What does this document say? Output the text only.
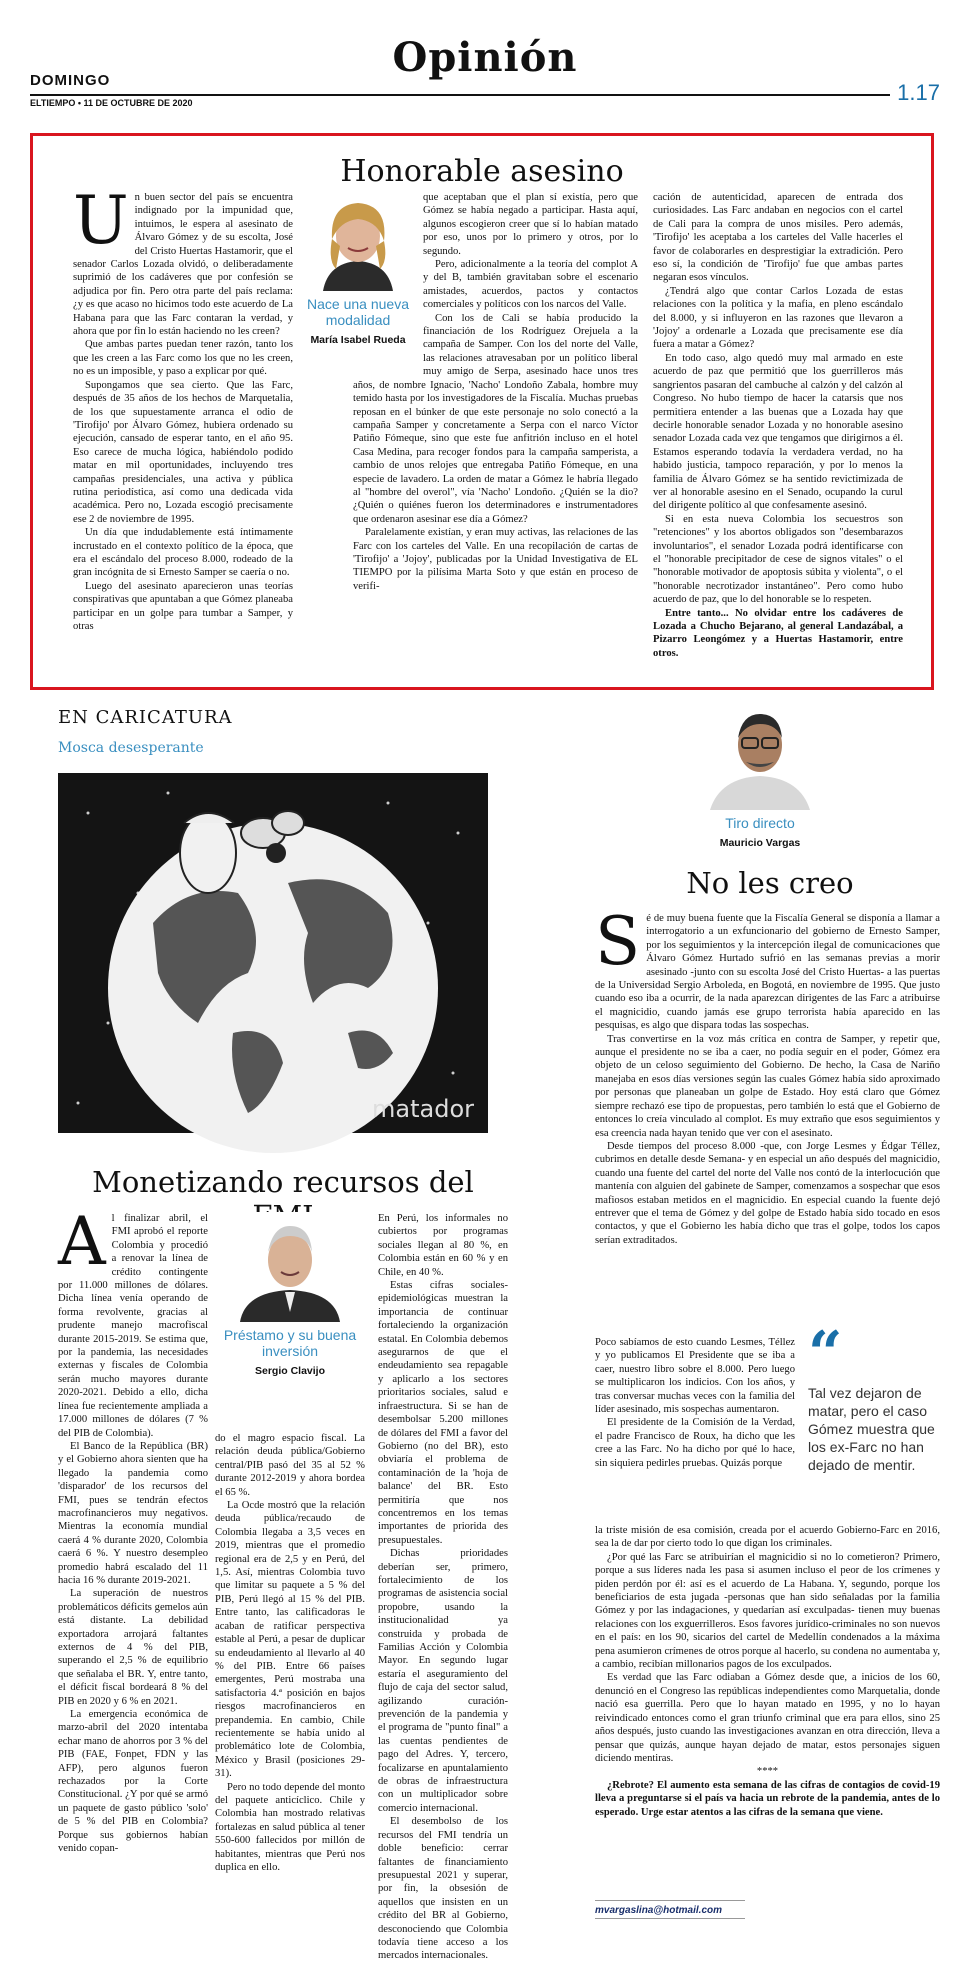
Opinión
DOMINGO
ELTIEMPO • 11 DE OCTUBRE DE 2020	1.17
Honorable asesino
U n buen sector del país se encuentra indignado por la impunidad que, intuimos, le espera al asesinato de Álvaro Gómez y de su escolta, José del Cristo Huertas Hastamorir, que el senador Carlos Lozada olvidó, o deliberadamente suprimió de los cadáveres que por confesión se adjudica por fin. Pero otra parte del país reclama: ¿y es que acaso no hicimos todo este acuerdo de La Habana para que las Farc contaran la verdad, y ahora que por fin lo están haciendo no les creen?

Que ambas partes puedan tener razón, tanto los que les creen a las Farc como los que no les creen, no es un imposible, y paso a explicar por qué.

Supongamos que sea cierto. Que las Farc, después de 35 años de los hechos de Marquetalia, de los que supuestamente arranca el odio de 'Tirofijo' por Álvaro Gómez, hubiera ordenado su ejecución, cansado de esperar tanto, en el año 95. Eso carece de mucha lógica, habiéndolo podido matar en mil oportunidades, incluyendo tres campañas presidenciales, una activa y pública rutina periodística, así como una dedicada vida académica. Pero no, Lozada escogió precisamente ese 2 de noviembre de 1995.

Un día que indudablemente está íntimamente incrustado en el contexto político de la época, que era el escándalo del proceso 8.000, rodeado de la gran incógnita de si Ernesto Samper se caería o no.

Luego del asesinato aparecieron unas teorías conspirativas que apuntaban a que Gómez planeaba participar en un golpe para tumbar a Samper, y otras

Nace una nueva modalidad
María Isabel Rueda

que aceptaban que el plan sí existía, pero que Gómez se había negado a participar. Hasta aquí, algunos escogieron creer que sí lo habían matado por eso, unos por lo primero y otros, por lo segundo.

Pero, adicionalmente a la teoría del complot A y del B, también gravitaban sobre el escenario amistades, acuerdos, pactos y contactos comerciales y políticos con los narcos del Valle.

Con los de Cali se había producido la financiación de los Rodríguez Orejuela a la campaña de Samper. Con los del norte del Valle, las relaciones atravesaban por un político liberal muy amigo de Serpa, asesinado hace unos tres años, de nombre Ignacio, 'Nacho' Londoño Zabala, hombre muy temido hasta por los investigadores de la Fiscalía. Muchas pruebas reposan en el búnker de que este personaje no solo conectó a la campaña Samper y concretamente a Serpa con el narco Víctor Patiño Fómeque, sino que este fue anfitrión incluso en el hotel Casa Medina, para recoger fondos para la campaña samperista, a cambio de unos relojes que entregaba Patiño Fómeque, en una especie de lavadero. La orden de matar a Gómez le habría llegado al "hombre del overol", vía 'Nacho' Londoño. ¿Quién se la dio? ¿Quién o quiénes fueron los determinadores e instrumentadores que ordenaron asesinar ese día a Gómez?

Paralelamente existían, y eran muy activas, las relaciones de las Farc con los carteles del Valle. En una recopilación de cartas de 'Tirofijo' a 'Jojoy', publicadas por la Unidad Investigativa de EL TIEMPO por la pilísima Marta Soto y que están en proceso de verifi-

cación de autenticidad, aparecen de entrada dos curiosidades. Las Farc andaban en negocios con el cartel de Cali para la compra de unos misiles. Pero además, 'Tirofijo' les aceptaba a los carteles del Valle hacerles el favor de colaborarles en desprestigiar la extradición. Pero eso sí, la condición de 'Tirofijo' fue que ambas partes negaran esos vínculos.

¿Tendrá algo que contar Carlos Lozada de estas relaciones con la política y la mafia, en pleno escándalo del 8.000, y si influyeron en las razones que llevaron a 'Jojoy' a ordenarle a Lozada que precisamente ese día fuera a matar a Gómez?

En todo caso, algo quedó muy mal armado en este acuerdo de paz que permitió que los guerrilleros más sangrientos pasaran del cambuche al calzón y del calzón al Congreso. No hubo tiempo de hacer la catarsis que nos permitiera entender a las buenas que a Lozada hay que decirle honorable senador Lozada y no honorable asesino senador Lozada cada vez que tengamos que dirigirnos a él. Estamos esperando todavía la verdadera verdad, no ha habido justicia, tampoco reparación, y por lo menos la familia de Álvaro Gómez se ha sentido revictimizada de ver al honorable asesino en el Senado, ocupando la curul del dirigente político al que confesamente asesinó.

Si en esta nueva Colombia los secuestros son "retenciones" y los abortos obligados son "desembarazos involuntarios", el senador Lozada podrá identificarse con el "honorable precipitador de cese de signos vitales" o el "honorable motivador de apoptosis súbita y violenta", o el "honorable necrotizador instantáneo". Pero como hubo acuerdo de paz, que lo del honorable se lo respeten.

Entre tanto... No olvidar entre los cadáveres de Lozada a Chucho Bejarano, al general Landazábal, a Pizarro Leongómez y a Huertas Hastamorir, entre otros.

EN CARICATURA
Mosca desesperante
matador
Monetizando recursos del
A l finalizar abril, el FMI aprobó el reporte Colombia y procedió a renovar la línea de crédito contingente por 11.000 millones de dólares. Dicha línea venía operando de forma revolvente, gracias al prudente manejo macrofiscal durante 2015-2019. Se estima que, por la pandemia, las necesidades externas y fiscales de Colombia serán mucho mayores durante 2020-2021. Debido a ello, dicha línea fue recientemente ampliada a 17.000 millones de dólares (7 % del PIB de Colombia).

El Banco de la República (BR) y el Gobierno ahora sienten que ha llegado la pandemia como 'disparador' de los recursos del FMI, pues se tendrán efectos macrofinancieros muy negativos. Mientras la economía mundial caerá 4 % durante 2020, Colombia caerá 6 %. Y nuestro desempleo promedio habrá escalado del 11 hacia 16 % durante 2019-2021.

La superación de nuestros problemáticos déficits gemelos aún está distante. La debilidad exportadora arrojará faltantes externos de 4 % del PIB, superando el 2,5 % de equilibrio que señalaba el BR. Y, entre tanto, el déficit fiscal bordeará 8 % del PIB en 2020 y 6 % en 2021.

La emergencia económica de marzo-abril del 2020 intentaba echar mano de ahorros por 3 % del PIB (FAE, Fonpet, FDN y las AFP), pero algunos fueron rechazados por la Corte Constitucional. ¿Y por qué se armó un paquete de gasto público 'solo' de 5 % del PIB en Colombia? Porque sus gobiernos habían venido copan-

Préstamo y su buena inversión
Sergio Clavijo

do el magro espacio fiscal. La relación deuda pública/Gobierno central/PIB pasó del 35 al 52 % durante 2012-2019 y ahora bordea el 65 %.

La Ocde mostró que la relación deuda pública/recaudo de Colombia llegaba a 3,5 veces en 2019, mientras que el promedio regional era de 2,5 y en Perú, del 1,5. Así, mientras Colombia tuvo que limitar su paquete a 5 % del PIB, Perú llegó al 15 % del PIB. Entre tanto, las calificadoras le acaban de ratificar perspectiva estable al Perú, a pesar de duplicar su endeudamiento al llevarlo al 40 % del PIB. Entre 66 países emergentes, Perú mostraba una satisfactoria 4.ª posición en bajos riesgos macrofinancieros en prepandemia. En cambio, Chile recientemente se había unido al problemático lote de Colombia, México y Brasil (posiciones 29-31).

Pero no todo depende del monto del paquete anticíclico. Chile y Colombia han mostrado relativas fortalezas en salud pública al tener 550-600 fallecidos por millón de habitantes, mientras que Perú nos duplica en ello.

En Perú, los informales no cubiertos por programas sociales llegan al 80 %, en Colombia están en 60 % y en Chile, en 40 %.

Estas cifras sociales-epidemiológicas muestran la importancia de continuar fortaleciendo la organización estatal. En Colombia debemos asegurarnos de que el endeudamiento sea repagable y aplicarlo a los sectores prioritarios sociales, salud e infraestructura. Si se han de desembolsar 5.200 millones de dólares del FMI a favor del Gobierno (no del BR), esto obviaría el problema de contaminación de la 'hoja de balance' del BR. Esto permitiría que nos concentremos en los temas importantes de priorida des presupuestales.

Dichas prioridades deberían ser, primero, fortalecimiento de los programas de asistencia social propobre, usando la institucionalidad ya construida y probada de Familias Acción y Colombia Mayor. En segundo lugar estaría el aseguramiento del flujo de caja del sector salud, agilizando curación-prevención de la pandemia y el programa de "punto final" a las cuentas pendientes de pago del Adres. Y, tercero, focalizarse en apuntalamiento de obras de infraestructura con un multiplicador sobre comercio internacional.

El desembolso de los recursos del FMI tendría un doble beneficio: cerrar faltantes de financiamiento presupuestal 2021 y superar, por fin, la obsesión de aquellos que insisten en un crédito del BR al Gobierno, desconociendo que Colombia todavía tiene acceso a los mercados internacionales.

Tiro directo
Mauricio Vargas
No les creo
S é de muy buena fuente que la Fiscalía General se disponía a llamar a interrogatorio a un exfuncionario del gobierno de Ernesto Samper, por los seguimientos y la intercepción ilegal de comunicaciones que Álvaro Gómez Hurtado sufrió en las semanas previas a morir asesinado -junto con su escolta José del Cristo Huertas- a las puertas de la Universidad Sergio Arboleda, en Bogotá, en noviembre de 1995. Que justo cuando eso iba a ocurrir, de la nada aparezcan dirigentes de las Farc a atribuirse el magnicidio, cuando jamás ese grupo terrorista había aparecido en las pesquisas, es algo que dispara todas las sospechas.

Tras convertirse en la voz más crítica en contra de Samper, y repetir que, aunque el presidente no se iba a caer, no podía seguir en el poder, Gómez era objeto de un celoso seguimiento del Gobierno. De hecho, la Casa de Nariño manejaba en esos días versiones según las cuales Gómez había sido aproximado por personas que planeaban un golpe de Estado. Hoy está claro que Gómez siempre rechazó ese tipo de propuestas, pero también lo está que el Gobierno de entonces lo creía vinculado al complot. Es muy extraño que esos seguimientos y esa creencia nada hayan tenido que ver con el asesinato.

Desde tiempos del proceso 8.000 -que, con Jorge Lesmes y Édgar Téllez, cubrimos en detalle desde Semana- y en especial un año después del magnicidio, cuando una fuente del cartel del norte del Valle nos contó de la interlocución que mantenía con alguien del gabinete de Samper, comenzamos a sospechar que esos mafiosos estaban metidos en el magnicidio. En especial cuando la fuente dejó entrever que el tema de Gómez y del golpe de Estado había sido tocado en esos contactos, y que el Gobierno les había dicho que tras el golpe, todos los capos serían extraditados.

Poco sabíamos de esto cuando Lesmes, Téllez y yo publicamos El Presidente que se iba a caer, nuestro libro sobre el 8.000. Pero luego se multiplicaron los indicios. Con los años, y tras conversar muchas veces con la familia del líder asesinado, mis sospechas aumentaron.

El presidente de la Comisión de la Verdad, el padre Francisco de Roux, ha dicho que les cree a las Farc. No ha dicho por qué lo hace, sin siquiera pedirles pruebas. Quizás porque

“
Tal vez dejaron de matar, pero el caso Gómez muestra que los ex-Farc no han dejado de mentir.

la triste misión de esa comisión, creada por el acuerdo Gobierno-Farc en 2016, sea la de dar por cierto todo lo que digan los criminales.

¿Por qué las Farc se atribuirían el magnicidio si no lo cometieron? Primero, porque a sus líderes nada les pasa si asumen incluso el peor de los crímenes y piden perdón por él: así es el acuerdo de La Habana. Y, segundo, porque los beneficiarios de esta jugada -personas que han sido señaladas por la familia Gómez y por las indagaciones, y quedarían así exculpadas- tienen muy buenas relaciones con los exguerrilleros. Esos favores jurídico-criminales no son nuevos en el país: en los 90, sicarios del cartel de Medellín condenados a la máxima pena asumieron crímenes de otros porque al hacerlo, su condena no aumentaba y, a cambio, recibían millonarios pagos de los exculpados.

Es verdad que las Farc odiaban a Gómez desde que, a inicios de los 60, denunció en el Congreso las repúblicas independientes como Marquetalia, donde nació esa guerrilla. Pero que lo hayan matado en 1995, y no lo hayan reivindicado entonces como el gran triunfo criminal que era para ellos, sino 25 años después, justo cuando las investigaciones avanzan en otra dirección, lleva a pensar que quizás, aunque hayan dejado de matar, estos personajes siguen diciendo mentiras.

****

¿Rebrote? El aumento esta semana de las cifras de contagios de covid-19 lleva a preguntarse si el país va hacia un rebrote de la pandemia, antes de lo esperado. Urge estar atentos a las cifras de la semana que viene.

mvargaslina@hotmail.com
